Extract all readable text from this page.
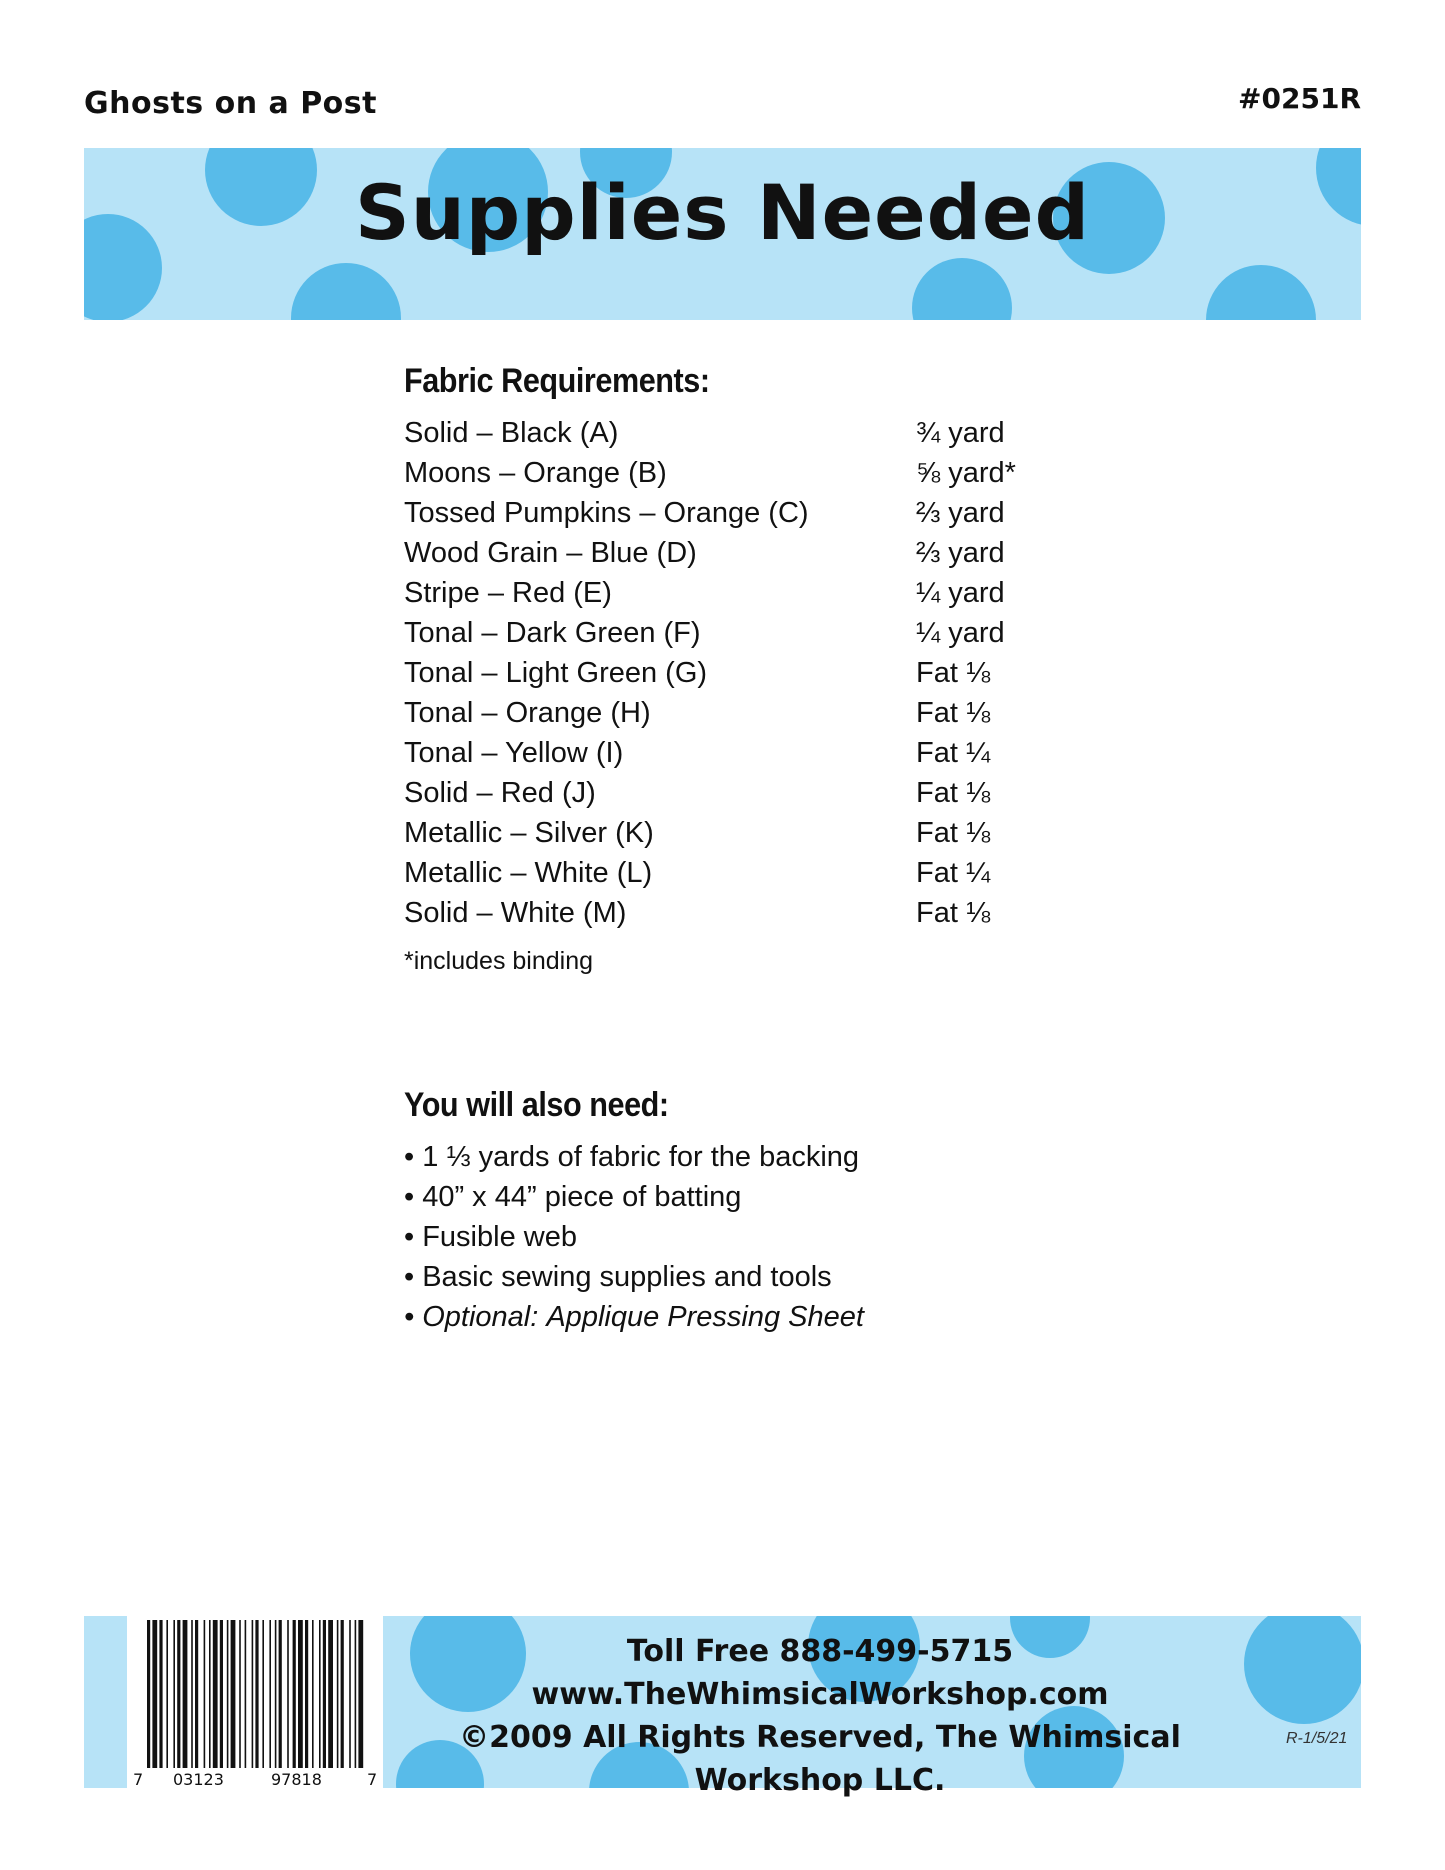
Ghosts on a Post	#0251R
Supplies Needed
Fabric Requirements:
Solid – Black (A)	¾ yard
Moons – Orange (B)	⅝ yard*
Tossed Pumpkins – Orange (C)	⅔ yard
Wood Grain – Blue (D)	⅔ yard
Stripe – Red (E)	¼ yard
Tonal – Dark Green (F)	¼ yard
Tonal – Light Green (G)	Fat ⅛
Tonal – Orange (H)	Fat ⅛
Tonal – Yellow (I)	Fat ¼
Solid – Red (J)	Fat ⅛
Metallic – Silver (K)	Fat ⅛
Metallic – White (L)	Fat ¼
Solid – White (M)	Fat ⅛
*includes binding
You will also need:
• 1 ⅓ yards of fabric for the backing
• 40” x 44” piece of batting
• Fusible web
• Basic sewing supplies and tools
• Optional: Applique Pressing Sheet
7 03123	97818	7
Toll Free 888-499-5715
www.TheWhimsicalWorkshop.com
©2009 All Rights Reserved, The Whimsical Workshop LLC.
R-1/5/21
